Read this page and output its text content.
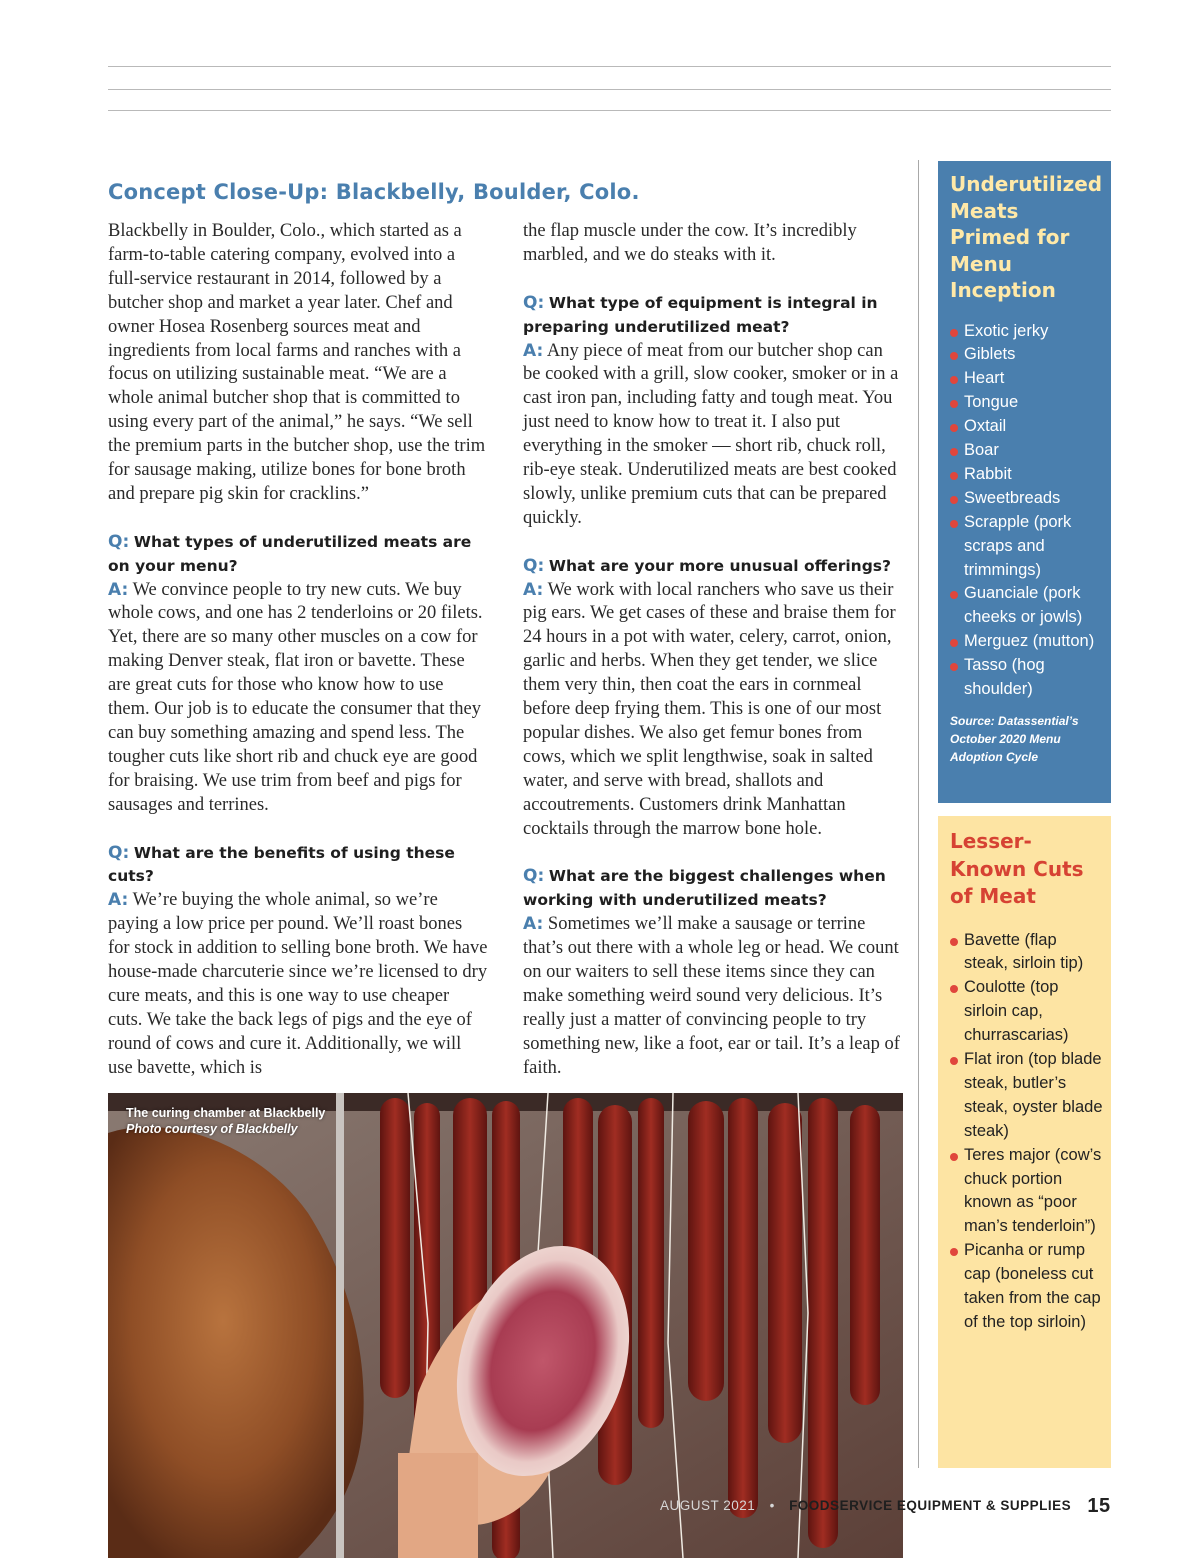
Concept Close-Up: Blackbelly, Boulder, Colo.

Blackbelly in Boulder, Colo., which started as a farm-to-table catering company, evolved into a full-service restaurant in 2014, followed by a butcher shop and market a year later. Chef and owner Hosea Rosenberg sources meat and ingredients from local farms and ranches with a focus on utilizing sustainable meat. “We are a whole animal butcher shop that is committed to using every part of the animal,” he says. “We sell the premium parts in the butcher shop, use the trim for sausage making, utilize bones for bone broth and prepare pig skin for cracklins.”

Q: What types of underutilized meats are on your menu?
A: We convince people to try new cuts. We buy whole cows, and one has 2 tenderloins or 20 filets. Yet, there are so many other muscles on a cow for making Denver steak, flat iron or bavette. These are great cuts for those who know how to use them. Our job is to educate the consumer that they can buy something amazing and spend less. The tougher cuts like short rib and chuck eye are good for braising. We use trim from beef and pigs for sausages and terrines.

Q: What are the benefits of using these cuts?
A: We’re buying the whole animal, so we’re paying a low price per pound. We’ll roast bones for stock in addition to selling bone broth. We have house-made charcuterie since we’re licensed to dry cure meats, and this is one way to use cheaper cuts. We take the back legs of pigs and the eye of round of cows and cure it. Additionally, we will use bavette, which is

the flap muscle under the cow. It’s incredibly marbled, and we do steaks with it.

Q: What type of equipment is integral in preparing underutilized meat?
A: Any piece of meat from our butcher shop can be cooked with a grill, slow cooker, smoker or in a cast iron pan, including fatty and tough meat. You just need to know how to treat it. I also put everything in the smoker — short rib, chuck roll, rib-eye steak. Underutilized meats are best cooked slowly, unlike premium cuts that can be prepared quickly.

Q: What are your more unusual offerings?
A: We work with local ranchers who save us their pig ears. We get cases of these and braise them for 24 hours in a pot with water, celery, carrot, onion, garlic and herbs. When they get tender, we slice them very thin, then coat the ears in cornmeal before deep frying them. This is one of our most popular dishes. We also get femur bones from cows, which we split lengthwise, soak in salted water, and serve with bread, shallots and accoutrements. Customers drink Manhattan cocktails through the marrow bone hole.

Q: What are the biggest challenges when working with underutilized meats?
A: Sometimes we’ll make a sausage or terrine that’s out there with a whole leg or head. We count on our waiters to sell these items since they can make something weird sound very delicious. It’s really just a matter of convincing people to try something new, like a foot, ear or tail. It’s a leap of faith.

Underutilized Meats Primed for Menu Inception
Exotic jerky
Giblets
Heart
Tongue
Oxtail
Boar
Rabbit
Sweetbreads
Scrapple (pork scraps and trimmings)
Guanciale (pork cheeks or jowls)
Merguez (mutton)
Tasso (hog shoulder)

Source: Datassential’s October 2020 Menu Adoption Cycle

Lesser-Known Cuts of Meat
Bavette (flap steak, sirloin tip)
Coulotte (top sirloin cap, churrascarias)
Flat iron (top blade steak, butler’s steak, oyster blade steak)
Teres major (cow’s chuck portion known as “poor man’s tenderloin”)
Picanha or rump cap (boneless cut taken from the cap of the top sirloin)
The curing chamber at Blackbelly
Photo courtesy of Blackbelly
AUGUST 2021 • FOODSERVICE EQUIPMENT & SUPPLIES 15
